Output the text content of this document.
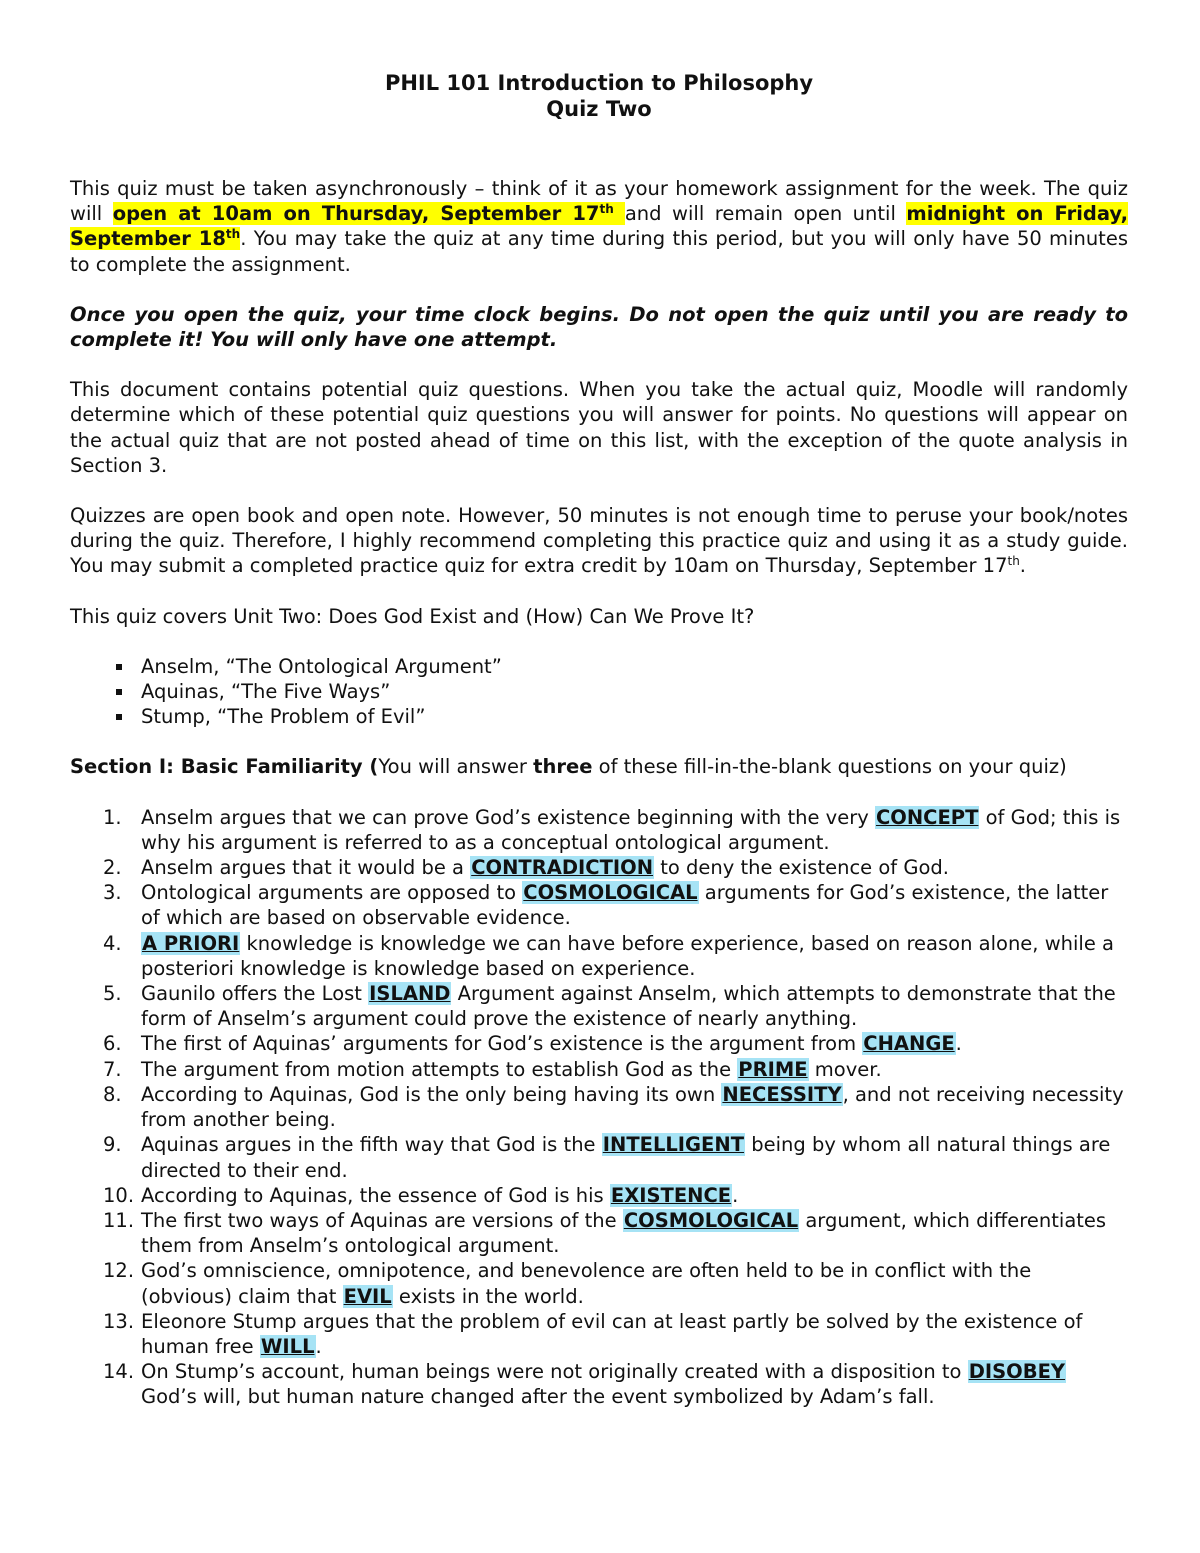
PHIL 101 Introduction to Philosophy
Quiz Two

This quiz must be taken asynchronously – think of it as your homework assignment for the week. The quiz will open at 10am on Thursday, September 17th and will remain open until midnight on Friday, September 18th. You may take the quiz at any time during this period, but you will only have 50 minutes to complete the assignment.

Once you open the quiz, your time clock begins. Do not open the quiz until you are ready to complete it! You will only have one attempt.

This document contains potential quiz questions. When you take the actual quiz, Moodle will randomly determine which of these potential quiz questions you will answer for points. No questions will appear on the actual quiz that are not posted ahead of time on this list, with the exception of the quote analysis in Section 3.

Quizzes are open book and open note. However, 50 minutes is not enough time to peruse your book/notes during the quiz. Therefore, I highly recommend completing this practice quiz and using it as a study guide. You may submit a completed practice quiz for extra credit by 10am on Thursday, September 17th.

This quiz covers Unit Two: Does God Exist and (How) Can We Prove It?

Anselm, “The Ontological Argument”
Aquinas, “The Five Ways”
Stump, “The Problem of Evil”

Section I: Basic Familiarity (You will answer three of these fill-in-the-blank questions on your quiz)

1. Anselm argues that we can prove God’s existence beginning with the very CONCEPT of God; this is why his argument is referred to as a conceptual ontological argument.
2. Anselm argues that it would be a CONTRADICTION to deny the existence of God.
3. Ontological arguments are opposed to COSMOLOGICAL arguments for God’s existence, the latter of which are based on observable evidence.
4. A PRIORI knowledge is knowledge we can have before experience, based on reason alone, while a posteriori knowledge is knowledge based on experience.
5. Gaunilo offers the Lost ISLAND Argument against Anselm, which attempts to demonstrate that the form of Anselm’s argument could prove the existence of nearly anything.
6. The first of Aquinas’ arguments for God’s existence is the argument from CHANGE.
7. The argument from motion attempts to establish God as the PRIME mover.
8. According to Aquinas, God is the only being having its own NECESSITY, and not receiving necessity from another being.
9. Aquinas argues in the fifth way that God is the INTELLIGENT being by whom all natural things are directed to their end.
10. According to Aquinas, the essence of God is his EXISTENCE.
11. The first two ways of Aquinas are versions of the COSMOLOGICAL argument, which differentiates them from Anselm’s ontological argument.
12. God’s omniscience, omnipotence, and benevolence are often held to be in conflict with the (obvious) claim that EVIL exists in the world.
13. Eleonore Stump argues that the problem of evil can at least partly be solved by the existence of human free WILL.
14. On Stump’s account, human beings were not originally created with a disposition to DISOBEY God’s will, but human nature changed after the event symbolized by Adam’s fall.
